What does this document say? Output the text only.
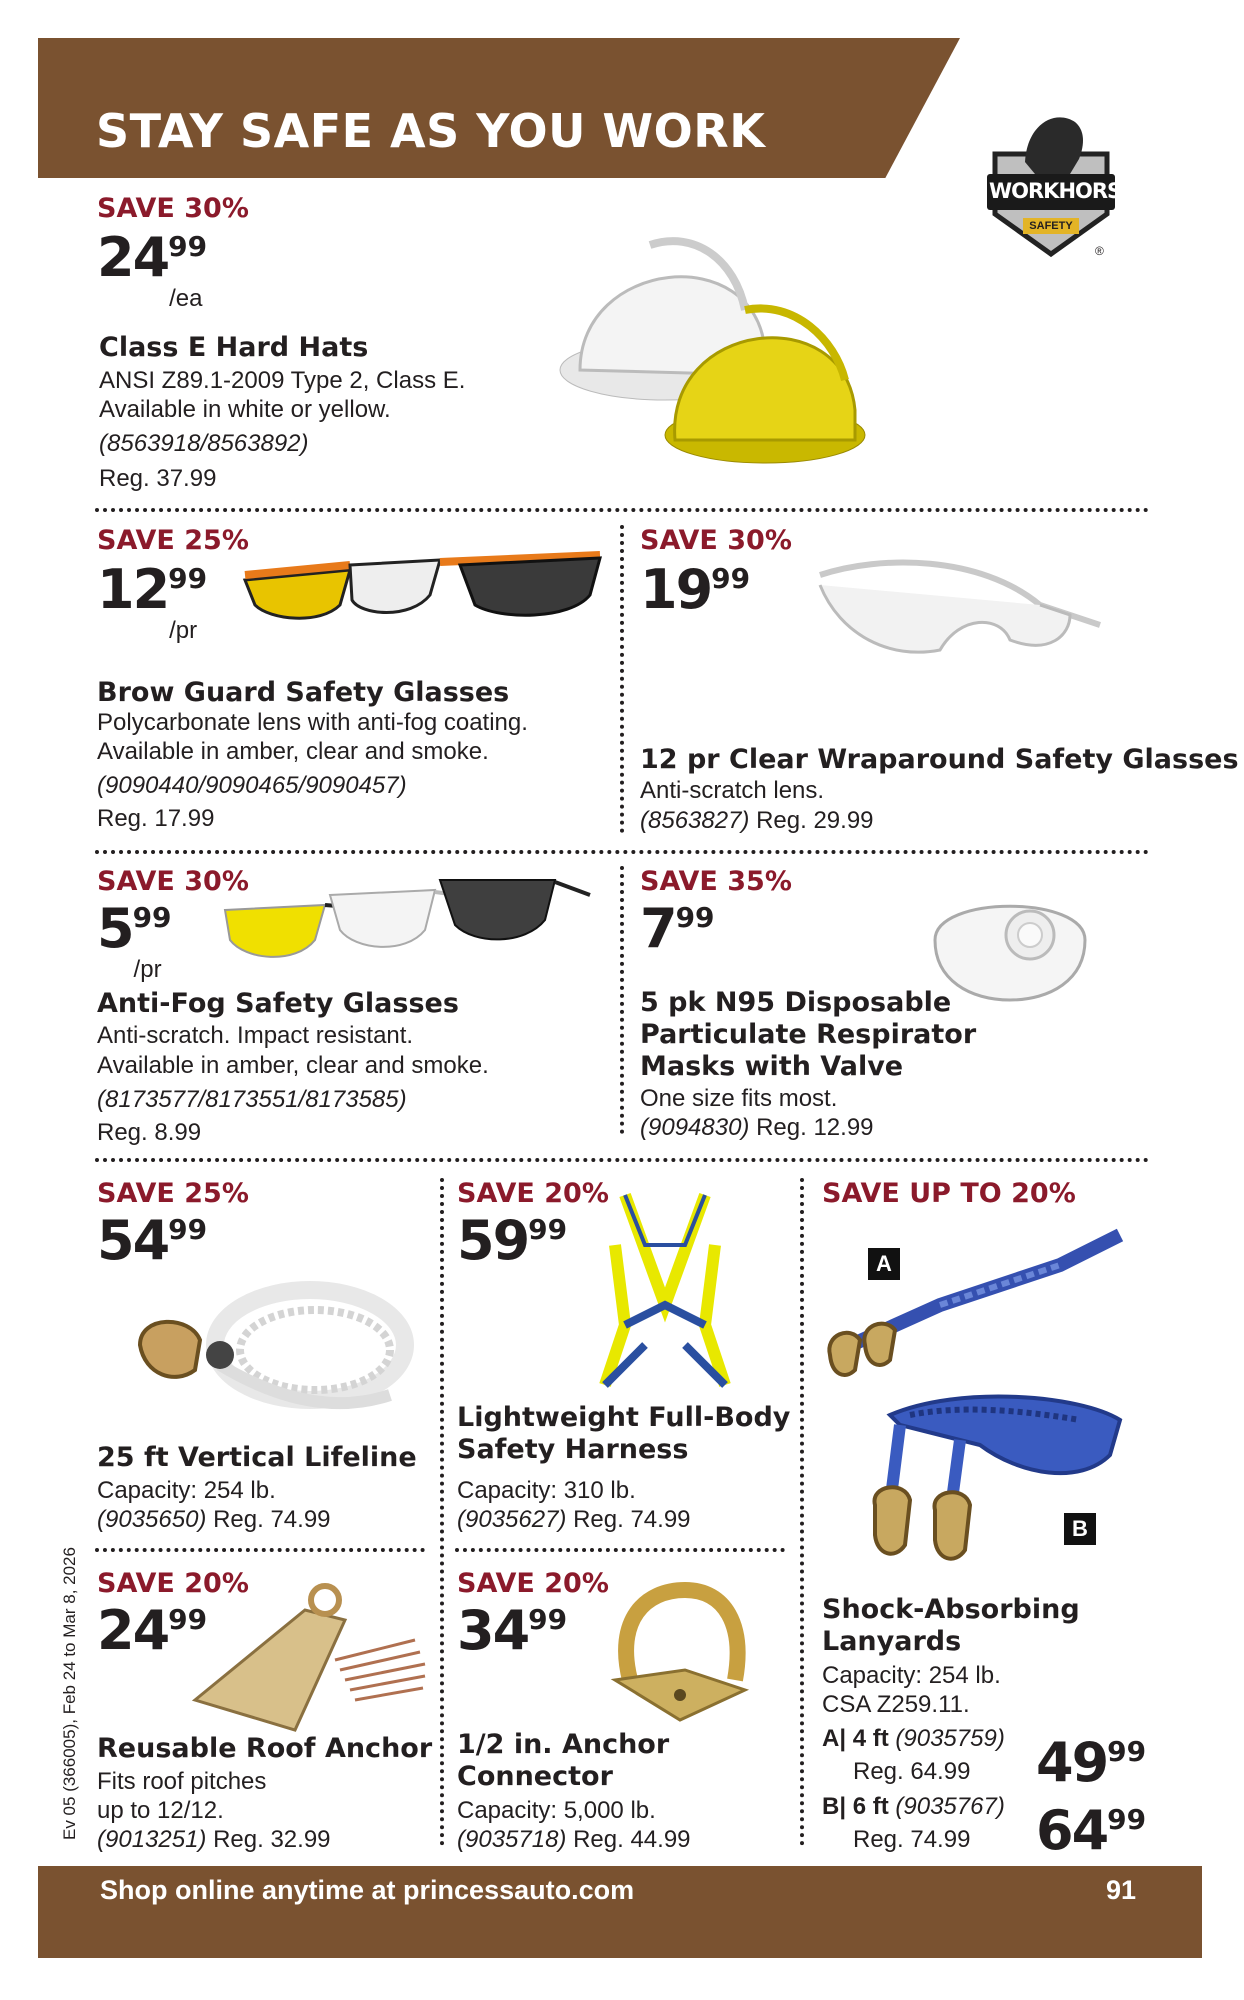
STAY SAFE AS YOU WORK
WORKHORSE
SAFETY
®
SAVE 30%
2499/ea
Class E Hard Hats
ANSI Z89.1-2009 Type 2, Class E.
Available in white or yellow.
(8563918/8563892)
Reg. 37.99
SAVE 25%
1299/pr
Brow Guard Safety Glasses
Polycarbonate lens with anti-fog coating.
Available in amber, clear and smoke.
(9090440/9090465/9090457)
Reg. 17.99
SAVE 30%
1999
12 pr Clear Wraparound Safety Glasses
Anti-scratch lens.
(8563827) Reg. 29.99
SAVE 30%
599/pr
Anti-Fog Safety Glasses
Anti-scratch. Impact resistant.
Available in amber, clear and smoke.
(8173577/8173551/8173585)
Reg. 8.99
SAVE 35%
799
5 pk N95 Disposable
Particulate Respirator
Masks with Valve
One size fits most.
(9094830) Reg. 12.99
SAVE 25%
5499
25 ft Vertical Lifeline
Capacity: 254 lb.
(9035650) Reg. 74.99
SAVE 20%
5999
Lightweight Full-Body
Safety Harness
Capacity: 310 lb.
(9035627) Reg. 74.99
SAVE UP TO 20%
A
B
Shock-Absorbing
Lanyards
Capacity: 254 lb.
CSA Z259.11.
A| 4 ft (9035759)
Reg. 64.99 4999
B| 6 ft (9035767)
Reg. 74.99 6499
SAVE 20%
2499
Reusable Roof Anchor
Fits roof pitches
up to 12/12.
(9013251) Reg. 32.99
SAVE 20%
3499
1/2 in. Anchor
Connector
Capacity: 5,000 lb.
(9035718) Reg. 44.99
Ev 05 (366005), Feb 24 to Mar 8, 2026
Shop online anytime at princessauto.com	91
